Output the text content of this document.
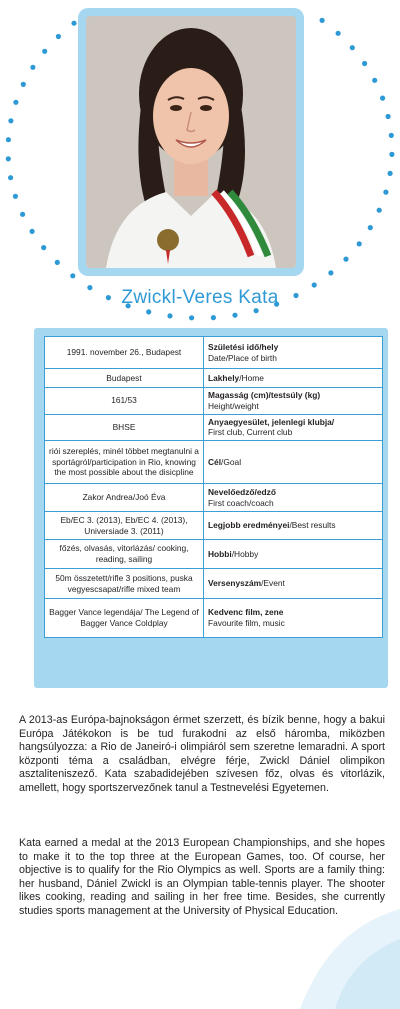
Zwickl-Veres Kata
1991. november 26., Budapest	Születési idő/hely
Date/Place of birth
Budapest	Lakhely/Home
161/53	Magasság (cm)/testsúly (kg)
Height/weight
BHSE	Anyaegyesület, jelenlegi klubja/
First club, Current club
riói szereplés, minél többet megtanulni a sportágról/participation in Rio, knowing the most possible about the disicpline	Cél/Goal
Zakor Andrea/Joó Éva	Nevelőedző/edző
First coach/coach
Eb/EC 3. (2013), Eb/EC 4. (2013), Universiade 3. (2011)	Legjobb eredményei/Best results
főzés, olvasás, vitorlázás/ cooking, reading, sailing	Hobbi/Hobby
50m összetett/rifle 3 positions, puska vegyescsapat/rifle mixed team	Versenyszám/Event
Bagger Vance legendája/ The Legend of Bagger Vance Coldplay	Kedvenc film, zene
Favourite film, music

A 2013-as Európa-bajnokságon érmet szerzett, és bízik benne, hogy a bakui Európa Játékokon is be tud furakodni az első háromba, miközben hangsúlyozza: a Rio de Janeiró-i olimpiáról sem szeretne lemaradni. A sport központi téma a családban, elvégre férje, Zwickl Dániel olimpikon asztaliteniszező. Kata szabadidejében szívesen főz, olvas és vitorlázik, amellett, hogy sportszervezőnek tanul a Testnevelési Egyetemen.

Kata earned a medal at the 2013 European Championships, and she hopes to make it to the top three at the European Games, too. Of course, her objective is to qualify for the Rio Olympics as well. Sports are a family thing: her husband, Dániel Zwickl is an Olympian table-tennis player. The shooter likes cooking, reading and sailing in her free time. Besides, she currently studies sports management at the University of Physical Education.
